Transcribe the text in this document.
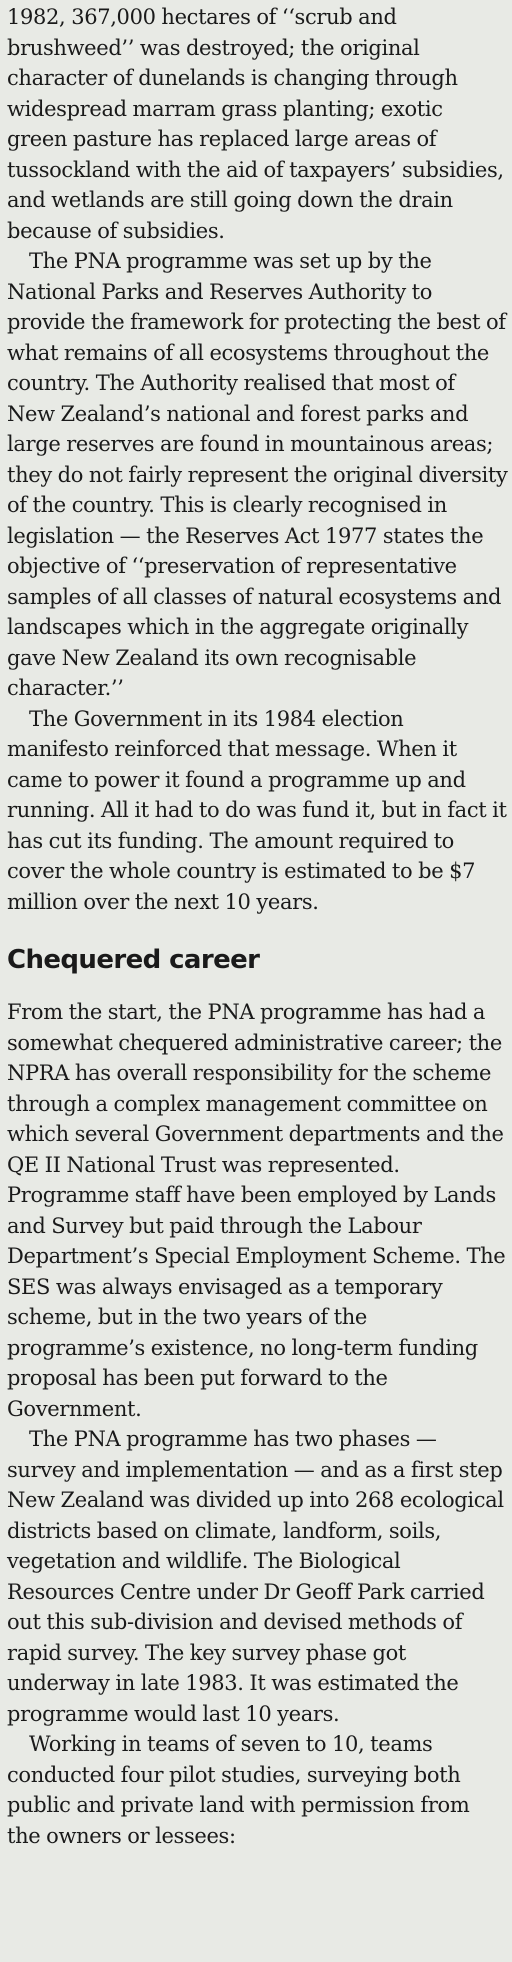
1982, 367,000 hectares of ‘‘scrub and brushweed’’ was destroyed; the original character of dunelands is changing through widespread marram grass planting; exotic green pasture has replaced large areas of tussockland with the aid of taxpayers’ subsidies, and wetlands are still going down the drain because of subsidies.

The PNA programme was set up by the National Parks and Reserves Authority to provide the framework for protecting the best of what remains of all ecosystems throughout the country. The Authority realised that most of New Zealand’s national and forest parks and large reserves are found in mountainous areas; they do not fairly represent the original diversity of the country. This is clearly recognised in legislation — the Reserves Act 1977 states the objective of ‘‘preservation of representative samples of all classes of natural ecosystems and landscapes which in the aggregate originally gave New Zealand its own recognisable character.’’

The Government in its 1984 election manifesto reinforced that message. When it came to power it found a programme up and running. All it had to do was fund it, but in fact it has cut its funding. The amount required to cover the whole country is estimated to be $7 million over the next 10 years.

Chequered career

From the start, the PNA programme has had a somewhat chequered administrative career; the NPRA has overall responsibility for the scheme through a complex management committee on which several Government departments and the QE II National Trust was represented. Programme staff have been employed by Lands and Survey but paid through the Labour Department’s Special Employment Scheme. The SES was always envisaged as a temporary scheme, but in the two years of the programme’s existence, no long-term funding proposal has been put forward to the Government.

The PNA programme has two phases — survey and implementation — and as a first step New Zealand was divided up into 268 ecological districts based on climate, landform, soils, vegetation and wildlife. The Biological Resources Centre under Dr Geoff Park carried out this sub-division and devised methods of rapid survey. The key survey phase got underway in late 1983. It was estimated the programme would last 10 years.

Working in teams of seven to 10, teams conducted four pilot studies, surveying both public and private land with permission from the owners or lessees:
